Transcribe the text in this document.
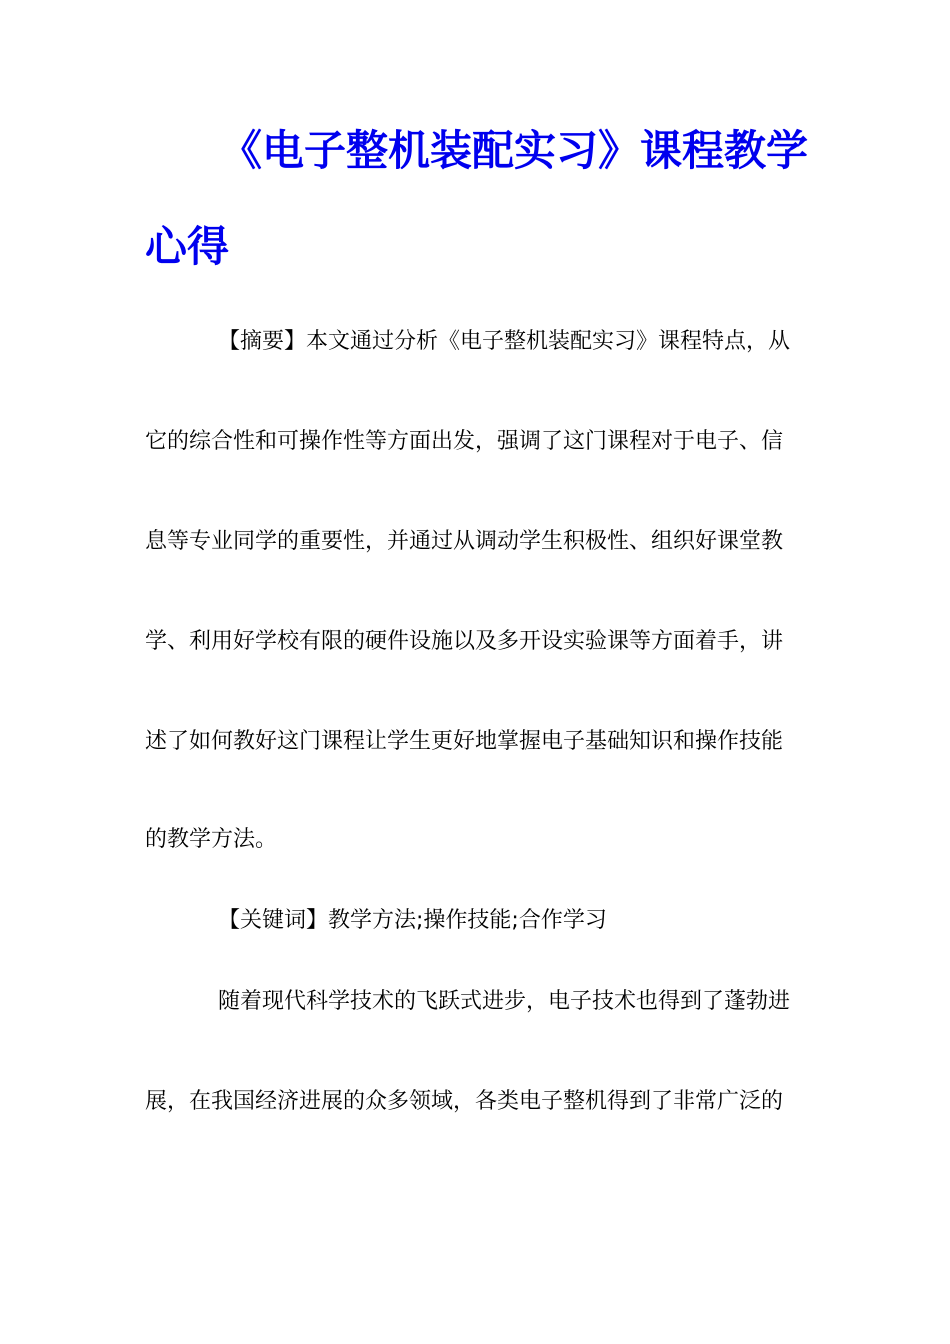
《电子整机装配实习》课程教学
心得
【摘要】本文通过分析《电子整机装配实习》课程特点，从
它的综合性和可操作性等方面出发，强调了这门课程对于电子、信
息等专业同学的重要性，并通过从调动学生积极性、组织好课堂教
学、利用好学校有限的硬件设施以及多开设实验课等方面着手，讲
述了如何教好这门课程让学生更好地掌握电子基础知识和操作技能
的教学方法。
【关键词】教学方法;操作技能;合作学习
随着现代科学技术的飞跃式进步，电子技术也得到了蓬勃进
展，在我国经济进展的众多领域，各类电子整机得到了非常广泛的
